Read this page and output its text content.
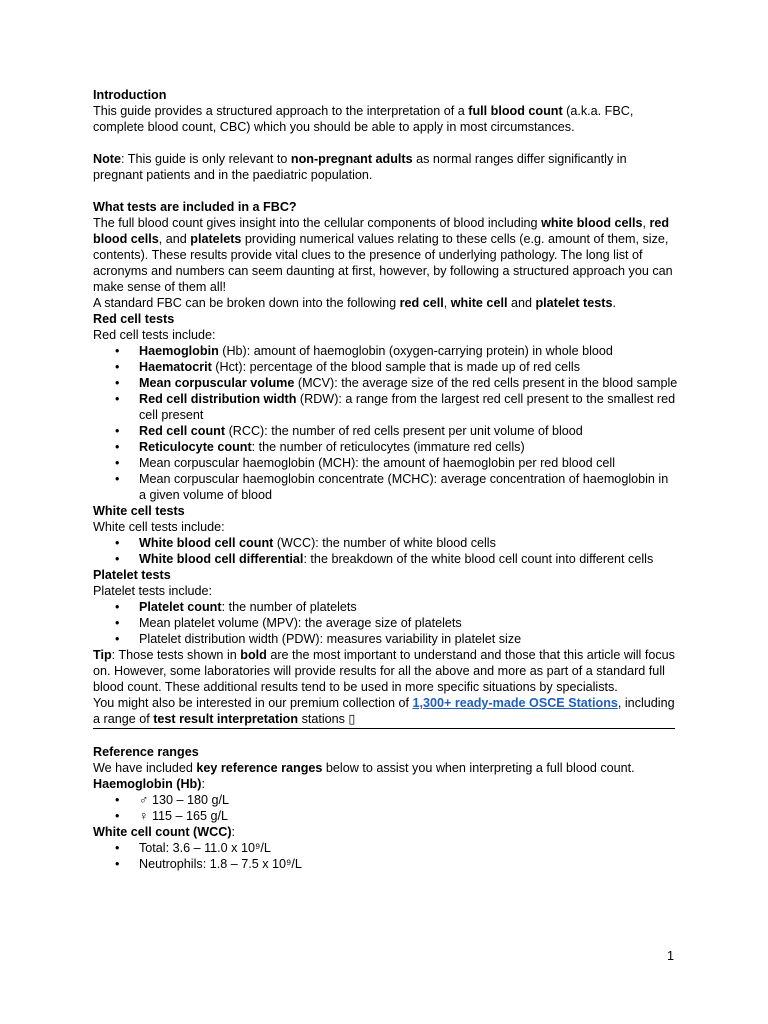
Introduction

This guide provides a structured approach to the interpretation of a full blood count (a.k.a. FBC, complete blood count, CBC) which you should be able to apply in most circumstances.

Note: This guide is only relevant to non-pregnant adults as normal ranges differ significantly in pregnant patients and in the paediatric population.

What tests are included in a FBC?

The full blood count gives insight into the cellular components of blood including white blood cells, red blood cells, and platelets providing numerical values relating to these cells (e.g. amount of them, size, contents). These results provide vital clues to the presence of underlying pathology. The long list of acronyms and numbers can seem daunting at first, however, by following a structured approach you can make sense of them all!

A standard FBC can be broken down into the following red cell, white cell and platelet tests.

Red cell tests

Red cell tests include:

• Haemoglobin (Hb): amount of haemoglobin (oxygen-carrying protein) in whole blood
• Haematocrit (Hct): percentage of the blood sample that is made up of red cells
• Mean corpuscular volume (MCV): the average size of the red cells present in the blood sample
• Red cell distribution width (RDW): a range from the largest red cell present to the smallest red cell present
• Red cell count (RCC): the number of red cells present per unit volume of blood
• Reticulocyte count: the number of reticulocytes (immature red cells)
• Mean corpuscular haemoglobin (MCH): the amount of haemoglobin per red blood cell
• Mean corpuscular haemoglobin concentrate (MCHC): average concentration of haemoglobin in a given volume of blood

White cell tests

White cell tests include:

• White blood cell count (WCC): the number of white blood cells
• White blood cell differential: the breakdown of the white blood cell count into different cells

Platelet tests

Platelet tests include:

• Platelet count: the number of platelets
• Mean platelet volume (MPV): the average size of platelets
• Platelet distribution width (PDW): measures variability in platelet size

Tip: Those tests shown in bold are the most important to understand and those that this article will focus on. However, some laboratories will provide results for all the above and more as part of a standard full blood count. These additional results tend to be used in more specific situations by specialists.

You might also be interested in our premium collection of 1,300+ ready-made OSCE Stations, including a range of test result interpretation stations ▯

Reference ranges

We have included key reference ranges below to assist you when interpreting a full blood count.

Haemoglobin (Hb):

• ♂ 130 – 180 g/L
• ♀ 115 – 165 g/L

White cell count (WCC):

• Total: 3.6 – 11.0 x 10⁹/L
• Neutrophils: 1.8 – 7.5 x 10⁹/L
1
